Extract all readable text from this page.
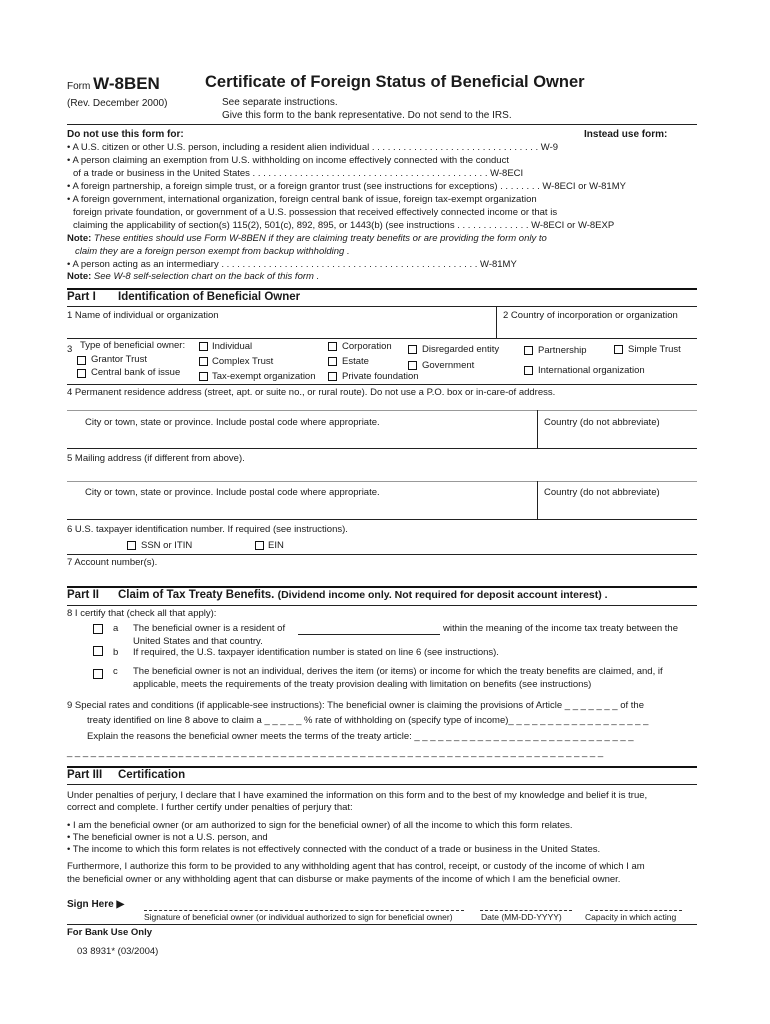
Form W-8BEN	Certificate of Foreign Status of Beneficial Owner
(Rev. December 2000)	See separate instructions.
Give this form to the bank representative. Do not send to the IRS.
Do not use this form for:	Instead use form:
• A U.S. citizen or other U.S. person, including a resident alien individual . . . . . . . . . . . . . . . . . . . . . . . . . . . . . . . . W-9
• A person claiming an exemption from U.S. withholding on income effectively connected with the conduct
of a trade or business in the United States . . . . . . . . . . . . . . . . . . . . . . . . . . . . . . . . . . . . . . . . . . . . . W-8ECI
• A foreign partnership, a foreign simple trust, or a foreign grantor trust (see instructions for exceptions) . . . . . . . . W-8ECI or W-81MY
• A foreign government, international organization, foreign central bank of issue, foreign tax-exempt organization
foreign private foundation, or government of a U.S. possession that received effectively connected income or that is
claiming the applicability of section(s) 115(2), 501(c), 892, 895, or 1443(b) (see instructions . . . . . . . . . . . . . . W-8ECI or W-8EXP
Note: These entities should use Form W-8BEN if they are claiming treaty benefits or are providing the form only to
claim they are a foreign person exempt from backup withholding .
• A person acting as an intermediary . . . . . . . . . . . . . . . . . . . . . . . . . . . . . . . . . . . . . . . . . . . . . . . . . W-81MY
Note: See W-8 self-selection chart on the back of this form .
Part I Identification of Beneficial Owner
1 Name of individual or organization	2 Country of incorporation or organization
3 Type of beneficial owner:	Individual	Corporation	Disregarded entity	Partnership	Simple Trust
Grantor Trust	Complex Trust	Estate	Government	International organization
Central bank of issue	Tax-exempt organization	Private foundation
4 Permanent residence address (street, apt. or suite no., or rural route). Do not use a P.O. box or in-care-of address.
City or town, state or province. Include postal code where appropriate.	Country (do not abbreviate)
5 Mailing address (if different from above).
City or town, state or province. Include postal code where appropriate.	Country (do not abbreviate)
6 U.S. taxpayer identification number. If required (see instructions).
SSN or ITIN	EIN
7 Account number(s).
Part II Claim of Tax Treaty Benefits. (Dividend income only. Not required for deposit account interest) .
8 I certify that (check all that apply):
a The beneficial owner is a resident of	within the meaning of the income tax treaty between the
United States and that country.
b If required, the U.S. taxpayer identification number is stated on line 6 (see instructions).
c The beneficial owner is not an individual, derives the item (or items) or income for which the treaty benefits are claimed, and, if
applicable, meets the requirements of the treaty provision dealing with limitation on benefits (see instructions)
9 Special rates and conditions (if applicable-see instructions): The beneficial owner is claiming the provisions of Article _ _ _ _ _ _ _ of the
treaty identified on line 8 above to claim a _ _ _ _ _ % rate of withholding on (specify type of income)_ _ _ _ _ _ _ _ _ _ _ _ _ _ _ _ _ _
Explain the reasons the beneficial owner meets the terms of the treaty article: _ _ _ _ _ _ _ _ _ _ _ _ _ _ _ _ _ _ _ _ _ _ _ _ _ _ _ _
_ _ _ _ _ _ _ _ _ _ _ _ _ _ _ _ _ _ _ _ _ _ _ _ _ _ _ _ _ _ _ _ _ _ _ _ _ _ _ _ _ _ _ _ _ _ _ _ _ _ _ _ _ _ _ _ _ _ _ _ _ _ _ _ _ _ _ _
Part III Certification
Under penalties of perjury, I declare that I have examined the information on this form and to the best of my knowledge and belief it is true,
correct and complete. I further certify under penalties of perjury that:
• I am the beneficial owner (or am authorized to sign for the beneficial owner) of all the income to which this form relates.
• The beneficial owner is not a U.S. person, and
• The income to which this form relates is not effectively connected with the conduct of a trade or business in the United States.
Furthermore, I authorize this form to be provided to any withholding agent that has control, receipt, or custody of the income of which I am
the beneficial owner or any withholding agent that can disburse or make payments of the income of which I am the beneficial owner.
Sign Here ▶
Signature of beneficial owner (or individual authorized to sign for beneficial owner)	Date (MM-DD-YYYY)	Capacity in which acting
For Bank Use Only
03 8931* (03/2004)
